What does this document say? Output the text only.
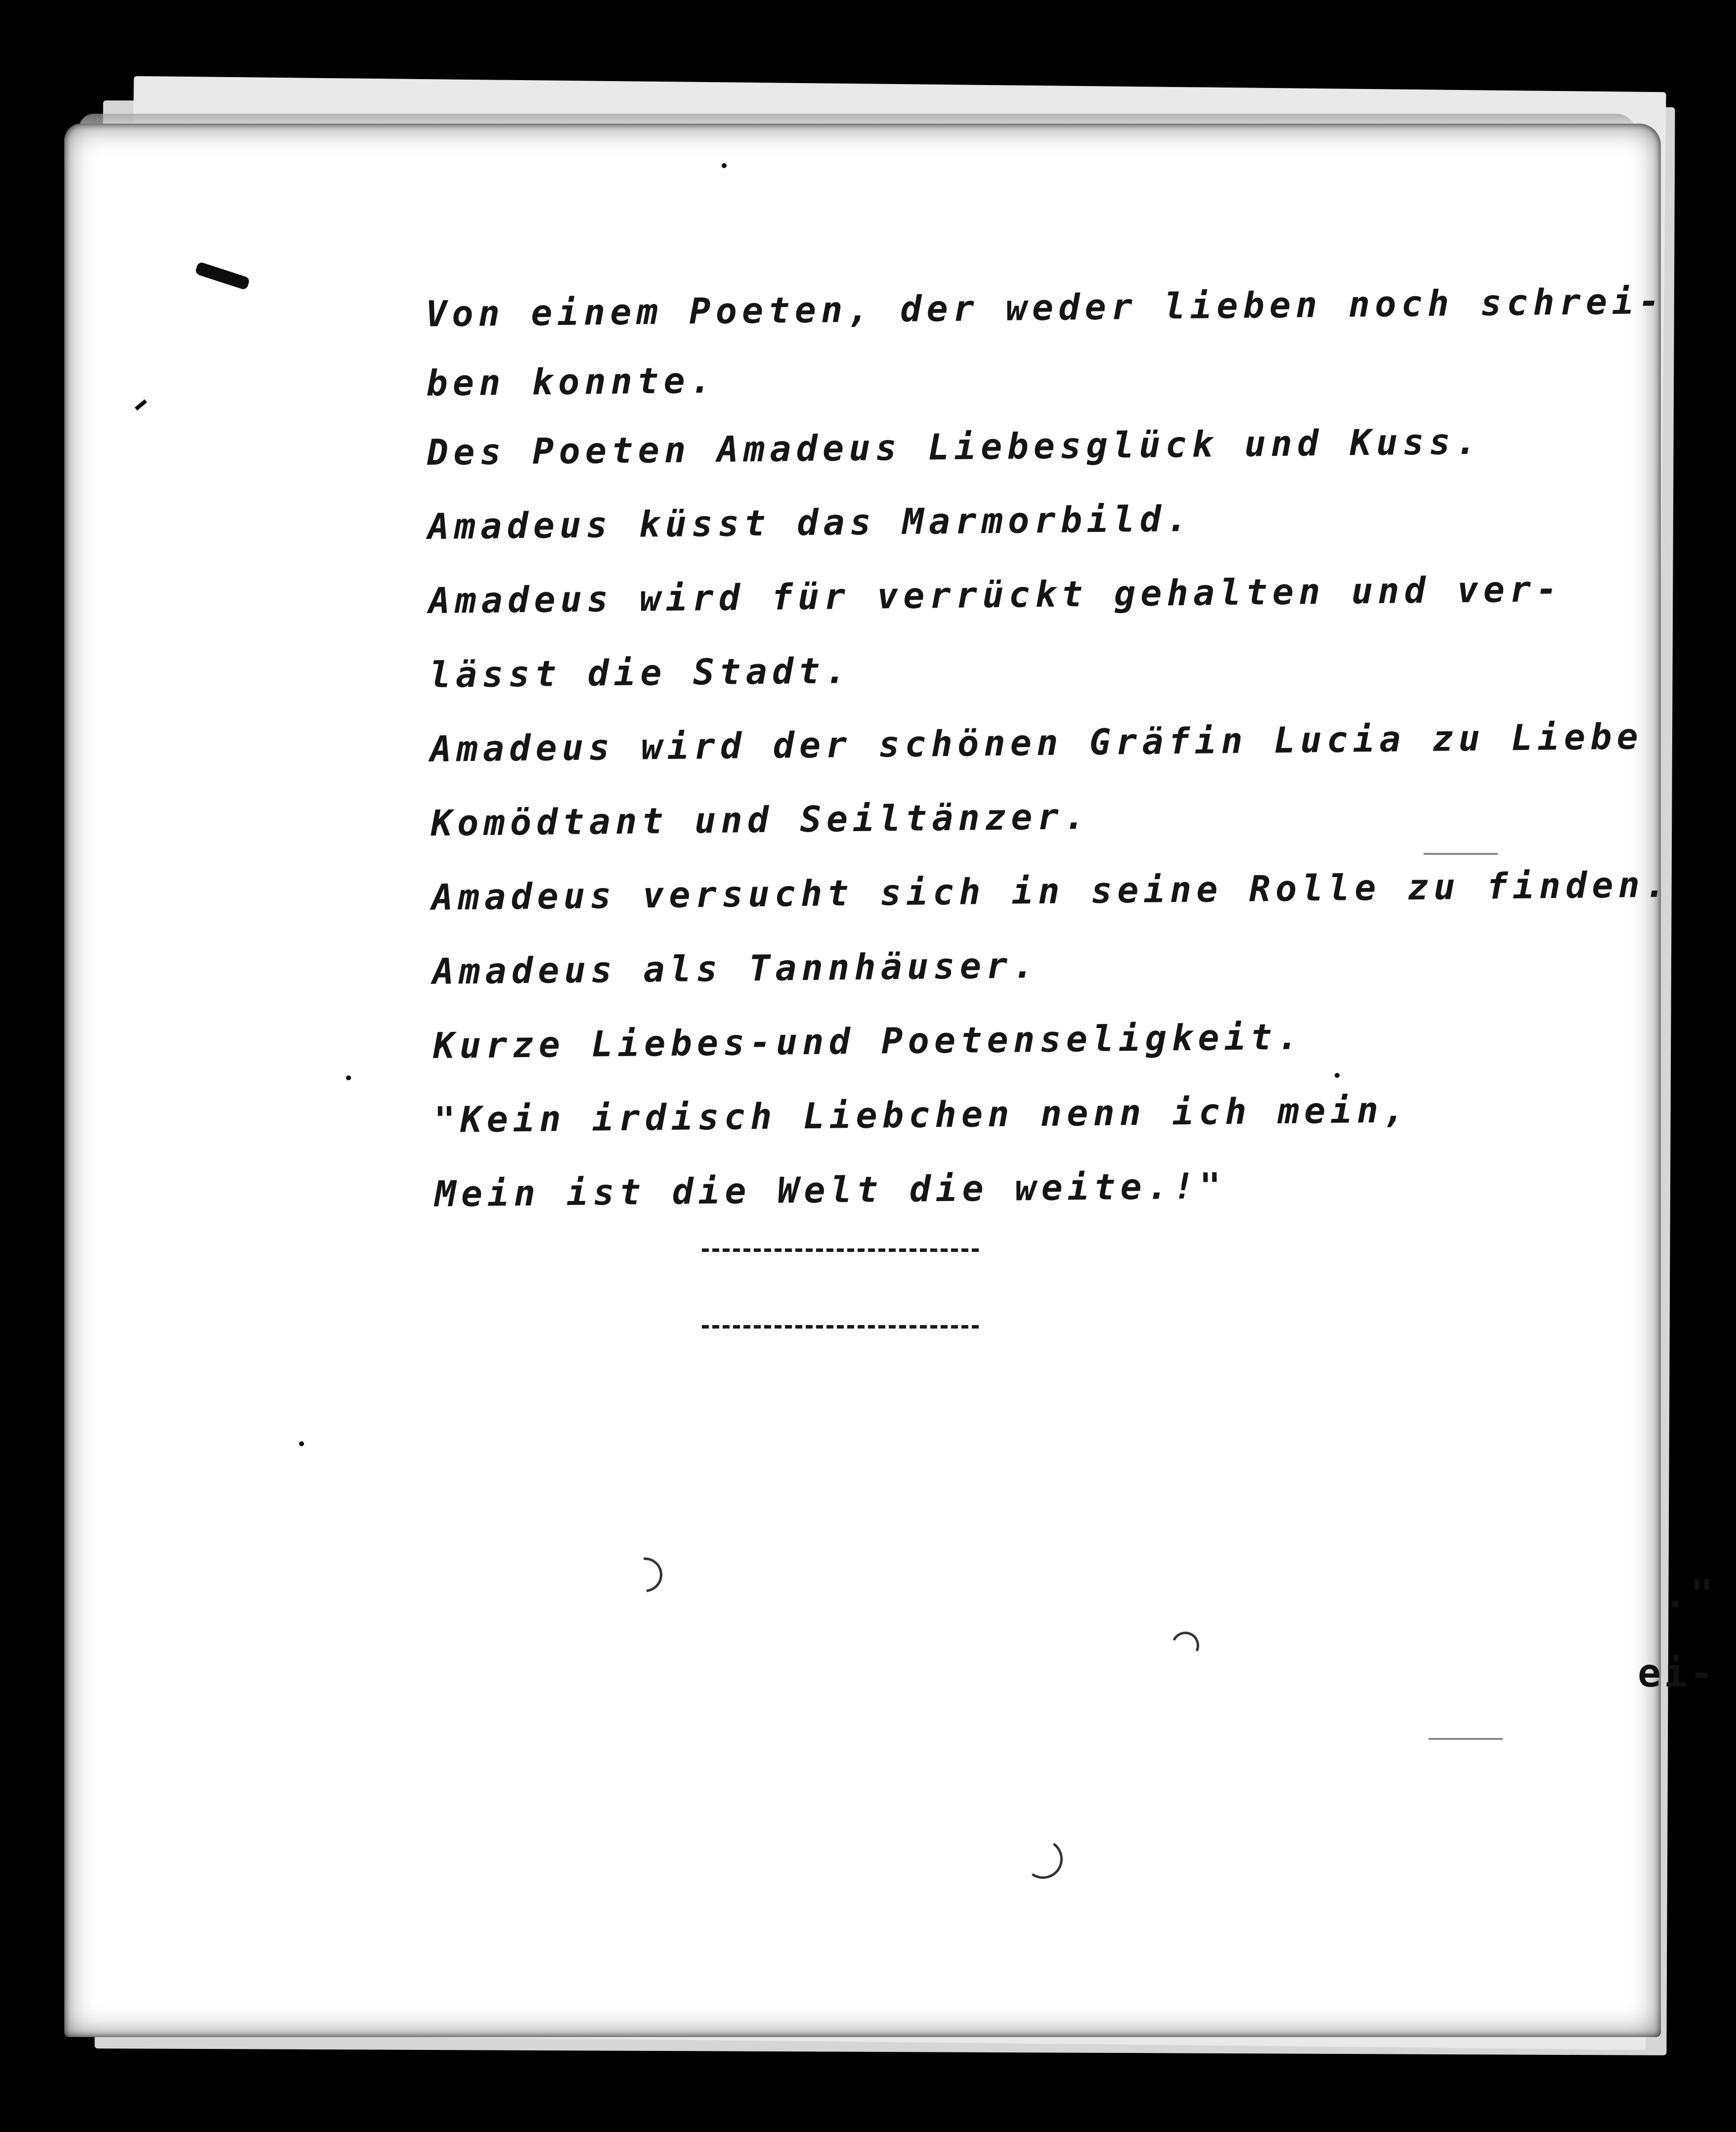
."
ei-
Von einem Poeten, der weder lieben noch schrei-
ben konnte.
Des Poeten Amadeus Liebesglück und Kuss.
Amadeus küsst das Marmorbild.
Amadeus wird für verrückt gehalten und ver-
lässt die Stadt.
Amadeus wird der schönen Gräfin Lucia zu Liebe
Komödtant und Seiltänzer.
Amadeus versucht sich in seine Rolle zu finden.
Amadeus als Tannhäuser.
Kurze Liebes-und Poetenseligkeit.
"Kein irdisch Liebchen nenn ich mein,
Mein ist die Welt die weite.!"
